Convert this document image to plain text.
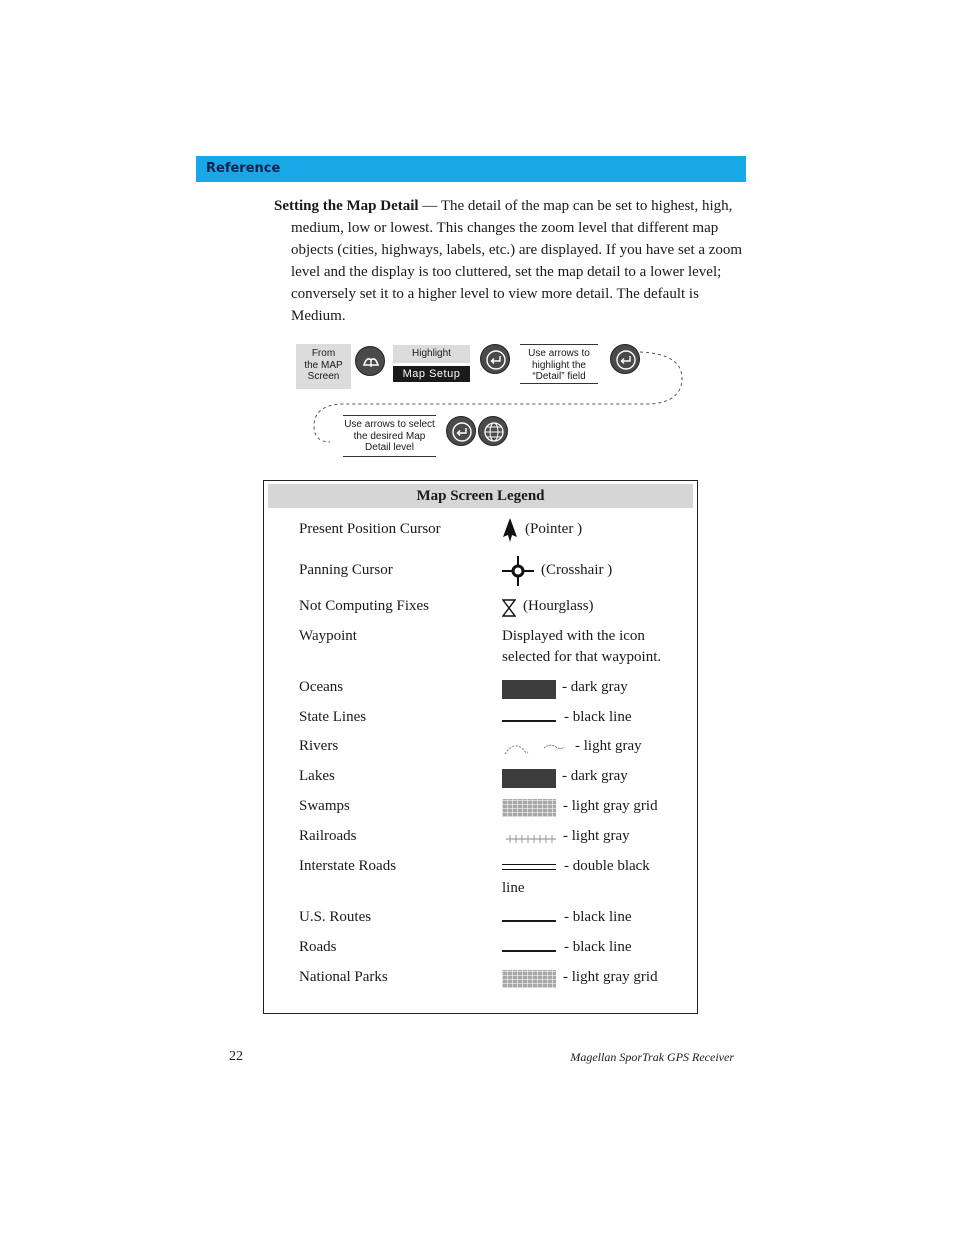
Reference
Setting the Map Detail — The detail of the map can be set to highest, high, medium, low or lowest. This changes the zoom level that different map objects (cities, highways, labels, etc.) are displayed. If you have set a zoom level and the display is too cluttered, set the map detail to a lower level; conversely set it to a higher level to view more detail. The default is Medium.
From
the MAP
Screen
Highlight
Map Setup
Use arrows to
highlight the
“Detail” field
Use arrows to select
the desired Map
Detail level
Map Screen Legend
Present Position Cursor	(Pointer )
Panning Cursor	(Crosshair )
Not Computing Fixes	(Hourglass)
Waypoint	Displayed with the icon selected for that waypoint.
Oceans	- dark gray
State Lines	- black line
Rivers	- light gray
Lakes	- dark gray
Swamps	- light gray grid
Railroads	- light gray
Interstate Roads	- double black
line
U.S. Routes	- black line
Roads	- black line
National Parks	- light gray grid
22	Magellan SporTrak GPS Receiver
